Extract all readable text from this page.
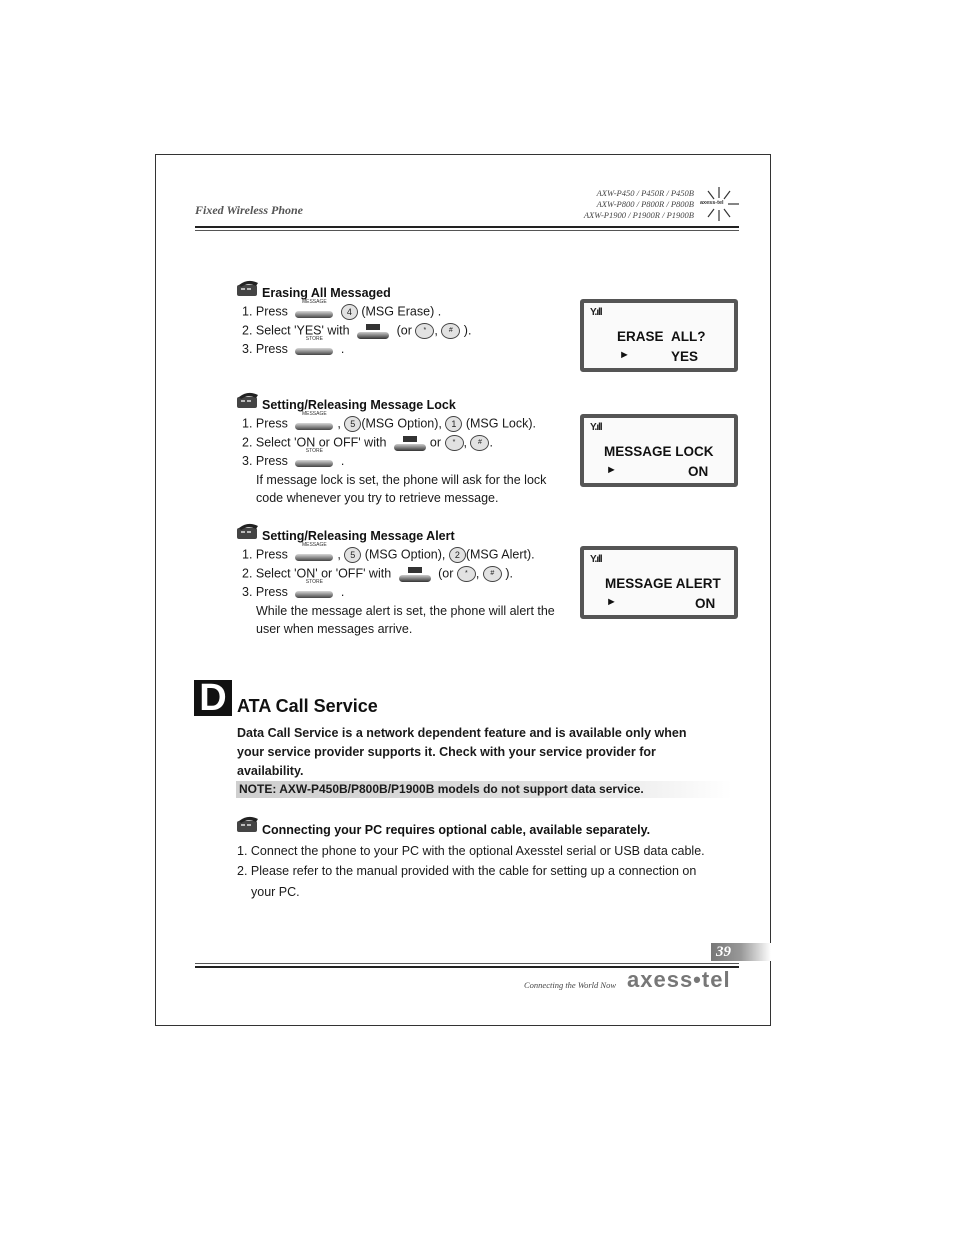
Fixed Wireless Phone
AXW-P450 / P450R / P450B
AXW-P800 / P800R / P800B
AXW-P1900 / P1900R / P1900B
axess-tel
Erasing All Messaged
1. Press
MESSAGE
4 (MSG Erase) .
2. Select 'YES' with	(or * , # ).
3. Press
STORE
.
Y.ıll
ERASE ALL?
►	YES
Setting/Releasing Message Lock
1. Press
MESSAGE
, 5 (MSG Option), 1 (MSG Lock).
2. Select 'ON or OFF' with	or * , # .
3. Press
STORE
.
If message lock is set, the phone will ask for the lock code whenever you try to retrieve message.
Y.ıll
MESSAGE LOCK
►	ON
Setting/Releasing Message Alert
1. Press
MESSAGE
, 5 (MSG Option), 2 (MSG Alert).
2. Select 'ON' or 'OFF' with	(or * , # ).
3. Press
STORE
.
While the message alert is set, the phone will alert the user when messages arrive.
Y.ıll
MESSAGE ALERT
►	ON
D ATA Call Service
Data Call Service is a network dependent feature and is available only when your service provider supports it. Check with your service provider for availability.
NOTE: AXW-P450B/P800B/P1900B models do not support data service.
Connecting your PC requires optional cable, available separately.
1. Connect the phone to your PC with the optional Axesstel serial or USB data cable.
2. Please refer to the manual provided with the cable for setting up a connection on
your PC.
39
Connecting the World Now axess•tel
